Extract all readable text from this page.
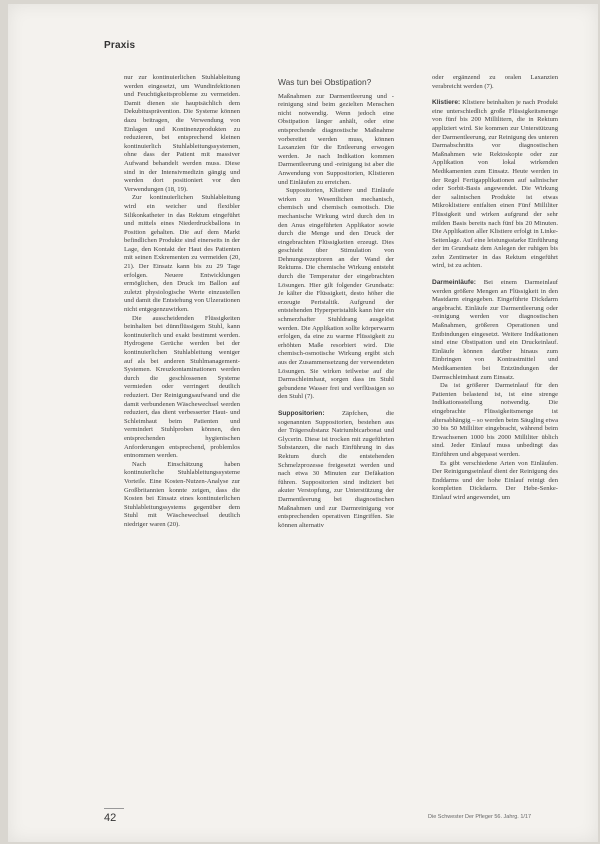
Praxis

nur zur kontinuierlichen Stuhlableitung werden eingesetzt, um Wundinfektionen und Feuchtigkeitsprobleme zu vermeiden. Damit dienen sie hauptsächlich dem Dekubitusprävention. Die Systeme können dazu beitragen, die Verwendung von Einlagen und Kontinenzprodukten zu reduzieren, bei entsprechend kleinen kontinuierlich Stuhlableitungssystemen, ohne dass der Patient mit massiver Aufwand behandelt werden muss. Diese sind in der Intensivmedizin gängig und werden dort positioniert vor den Verwendungen (18, 19).

Zur kontinuierlichen Stuhlableitung wird ein weicher und flexibler Silikonkatheter in das Rektum eingeführt und mittels eines Niederdruckballons in Position gehalten. Die auf dem Markt befindlichen Produkte sind einerseits in der Lage, den Kontakt der Haut des Patienten mit seinen Exkrementen zu vermeiden (20, 21). Der Einsatz kann bis zu 29 Tage erfolgen. Neuere Entwicklungen ermöglichen, den Druck im Ballon auf zuletzt physiologische Werte einzustellen und damit die Entstehung von Ulzerationen nicht entgegenzuwirken.

Die ausscheidenden Flüssigkeiten beinhalten bei dünnflüssigem Stuhl, kann kontinuierlich und exakt bestimmt werden. Hydrogene Gerüche werden bei der kontinuierlichen Stuhlableitung weniger auf als bei anderen Stuhlmanagement-Systemen. Kreuzkontaminationen werden durch die geschlossenen Systeme vermieden oder verringert deutlich reduziert. Der Reinigungsaufwand und die damit verbundenen Wäschewechsel werden reduziert, das dient verbesserter Haut- und Schleimhaut beim Patienten und vermindert Stuhlproben können, den entsprechenden hygienischen Anforderungen entsprechend, problemlos entnommen werden.

Nach Einschätzung haben kontinuierliche Stuhlableitungssysteme Vorteile. Eine Kosten-Nutzen-Analyse zur Großbritannien konnte zeigen, dass die Kosten bei Einsatz eines kontinuierlichen Stuhlableitungssystems gegenüber dem Stuhl mit Wäschewechsel deutlich niedriger waren (20).

Was tun bei Obstipation?

Maßnahmen zur Darmentleerung und -reinigung sind beim gezielten Menschen nicht notwendig. Wenn jedoch eine Obstipation länger anhält, oder eine entsprechende diagnostische Maßnahme vorbereitet werden muss, können Laxanzien für die Entleerung erwogen werden. Je nach Indikation kommen Darmentleerung und -reinigung ist aber die Anwendung von Suppositorien, Klistieren und Einläufen zu erreichen.

Suppositorien, Klistiere und Einläufe wirken zu Wesentlichen mechanisch, chemisch und chemisch osmotisch. Die mechanische Wirkung wird durch den in den Anus eingeführten Applikator sowie durch die Menge und den Druck der eingebrachten Flüssigkeiten erzeugt. Dies geschieht über Stimulation von Dehnungsrezeptoren an der Wand der Rektums. Die chemische Wirkung entsteht durch die Temperatur der eingebrachten Lösungen. Hier gilt folgender Grundsatz: Je kälter die Flüssigkeit, desto höher die erzeugte Peristaltik. Aufgrund der entstehenden Hyperperistaltik kann hier ein schmerzhafter Stuhldrang ausgelöst werden. Die Applikation sollte körperwarm erfolgen, da eine zu warme Flüssigkeit zu erhöhten Maße resorbiert wird. Die chemisch-osmotische Wirkung ergibt sich aus der Zusammensetzung der verwendeten Lösungen. Sie wirken teilweise auf die Darmschleimhaut, sorgen dass im Stuhl gebundene Wasser frei und verflüssigen so den Stuhl (7).

Suppositorien:	Zäpfchen, die sogenannten Suppositorien, bestehen aus der Trägersubstanz Natriumbicarbonat und Glycerin. Diese ist trocken mit zugeführten Substanzen, die nach Einführung in das Rektum durch die entstehenden Schmelzprozesse freigesetzt werden und nach etwa 30 Minuten zur Defäkation führen. Suppositorien sind indiziert bei akuter Verstopfung, zur Unterstützung der Darmentleerung bei diagnostischen Maßnahmen und zur Darmreinigung vor entsprechenden operativen Eingriffen. Sie können alternativ

oder ergänzend zu oralen Laxanzien verabreicht werden (7).

Klistiere: Klistiere beinhalten je nach Produkt eine unterschiedlich große Flüssigkeitsmenge von fünf bis 200 Millilitern, die in Rektum appliziert wird. Sie kommen zur Unterstützung der Darmentleerung, zur Reinigung des unteren Darmabschnitts vor diagnostischen Maßnahmen wie Rektoskopie oder zur Applikation von lokal wirkenden Medikamenten zum Einsatz. Heute werden in der Regel Fertigapplikationen auf salinischer oder Sorbit-Basis angewendet. Die Wirkung der salinischen Produkte ist etwas Mikroklistiere entfalten einen Fünf Milliliter Flüssigkeit und wirken aufgrund der sehr milden Basis bereits nach fünf bis 20 Minuten. Die Applikation aller Klistiere erfolgt in Linke-Seitenlage. Auf eine leistungsstarke Einführung der im Grundsatz dem Anlegen der ruhigen bis zehn Zentimeter in das Rektum eingeführt wird, ist zu achten.

Darmeinläufe: Bei einem Darmeinlauf werden größere Mengen an Flüssigkeit in den Mastdarm eingegeben. Eingeführte Dickdarm angebracht. Einläufe zur Darmentleerung oder -reinigung werden vor diagnostischen Maßnahmen, größeren Operationen und Entbindungen eingesetzt. Weitere Indikationen sind eine Obstipation und ein Druckeinlauf. Einläufe können darüber hinaus zum Einbringen von Kontrastmittel und Medikamenten bei Entzündungen der Darmschleimhaut zum Einsatz.

Da ist größerer Darmeinlauf für den Patienten belastend ist, ist eine strenge Indikationsstellung notwendig. Die eingebrachte Flüssigkeitsmenge ist altersabhängig – so werden beim Säugling etwa 30 bis 50 Milliliter eingebracht, während beim Erwachsenen 1000 bis 2000 Milliliter üblich sind. Jeder Einlauf muss unbedingt das Einführen und abgepasst werden.

Es gibt verschiedene Arten von Einläufen. Der Reinigungseinlauf dient der Reinigung des Enddarms und der hohe Einlauf reinigt den kompletten Dickdarm. Der Hebe-Senke-Einlauf wird angewendet, um

42	Die Schwester Der Pfleger 56. Jahrg. 1/17
